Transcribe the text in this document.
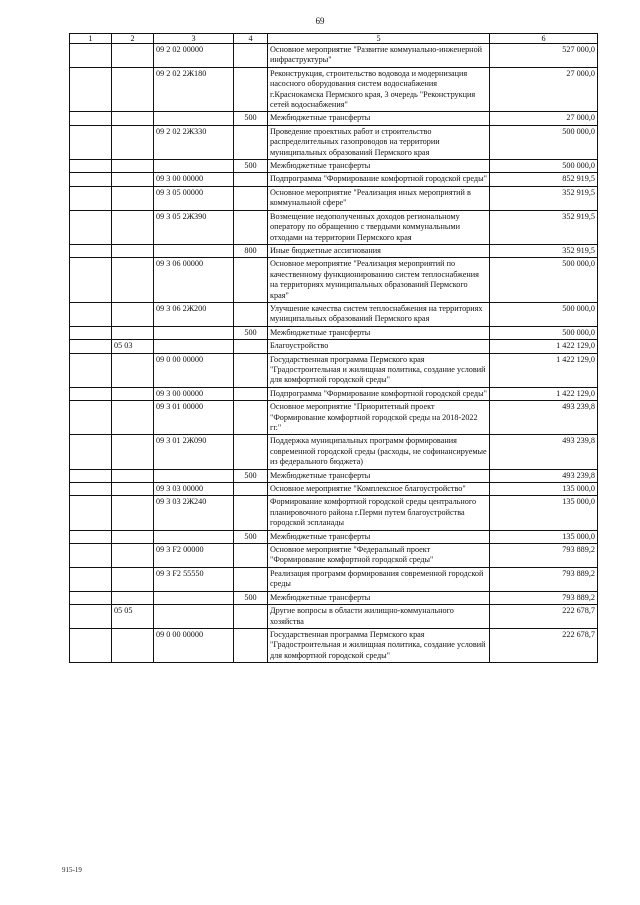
69
1	2	3	4	5	6
		09 2 02 00000		Основное мероприятие "Развитие коммунально-инженерной инфраструктуры"	527 000,0
		09 2 02 2Ж180		Реконструкция, строительство водовода и модернизация насосного оборудования систем водоснабжения г.Краснокамска Пермского края, 3 очередь "Реконструкция сетей водоснабжения"	27 000,0
			500	Межбюджетные трансферты	27 000,0
		09 2 02 2Ж330		Проведение проектных работ и строительство распределительных газопроводов на территории муниципальных образований Пермского края	500 000,0
			500	Межбюджетные трансферты	500 000,0
		09 3 00 00000		Подпрограмма "Формирование комфортной городской среды"	852 919,5
		09 3 05 00000		Основное мероприятие "Реализация иных мероприятий в коммунальной сфере"	352 919,5
		09 3 05 2Ж390		Возмещение недополученных доходов региональному оператору по обращению с твердыми коммунальными отходами на территории Пермского края	352 919,5
			800	Иные бюджетные ассигнования	352 919,5
		09 3 06 00000		Основное мероприятие "Реализация мероприятий по качественному функционированию систем теплоснабжения на территориях муниципальных образований Пермского края"	500 000,0
		09 3 06 2Ж200		Улучшение качества систем теплоснабжения на территориях муниципальных образований Пермского края	500 000,0
			500	Межбюджетные трансферты	500 000,0
	05 03			Благоустройство	1 422 129,0
		09 0 00 00000		Государственная программа Пермского края "Градостроительная и жилищная политика, создание условий для комфортной городской среды"	1 422 129,0
		09 3 00 00000		Подпрограмма "Формирование комфортной городской среды"	1 422 129,0
		09 3 01 00000		Основное мероприятие "Приоритетный проект "Формирование комфортной городской среды на 2018-2022 гг."	493 239,8
		09 3 01 2Ж090		Поддержка муниципальных программ формирования современной городской среды (расходы, не софинансируемые из федерального бюджета)	493 239,8
			500	Межбюджетные трансферты	493 239,8
		09 3 03 00000		Основное мероприятие "Комплексное благоустройство"	135 000,0
		09 3 03 2Ж240		Формирование комфортной городской среды центрального планировочного района г.Перми путем благоустройства городской эспланады	135 000,0
			500	Межбюджетные трансферты	135 000,0
		09 3 F2 00000		Основное мероприятие "Федеральный проект "Формирование комфортной городской среды"	793 889,2
		09 3 F2 55550		Реализация программ формирования современной городской среды	793 889,2
			500	Межбюджетные трансферты	793 889,2
	05 05			Другие вопросы в области жилищно-коммунального хозяйства	222 678,7
		09 0 00 00000		Государственная программа Пермского края "Градостроительная и жилищная политика, создание условий для комфортной городской среды"	222 678,7
915-19
